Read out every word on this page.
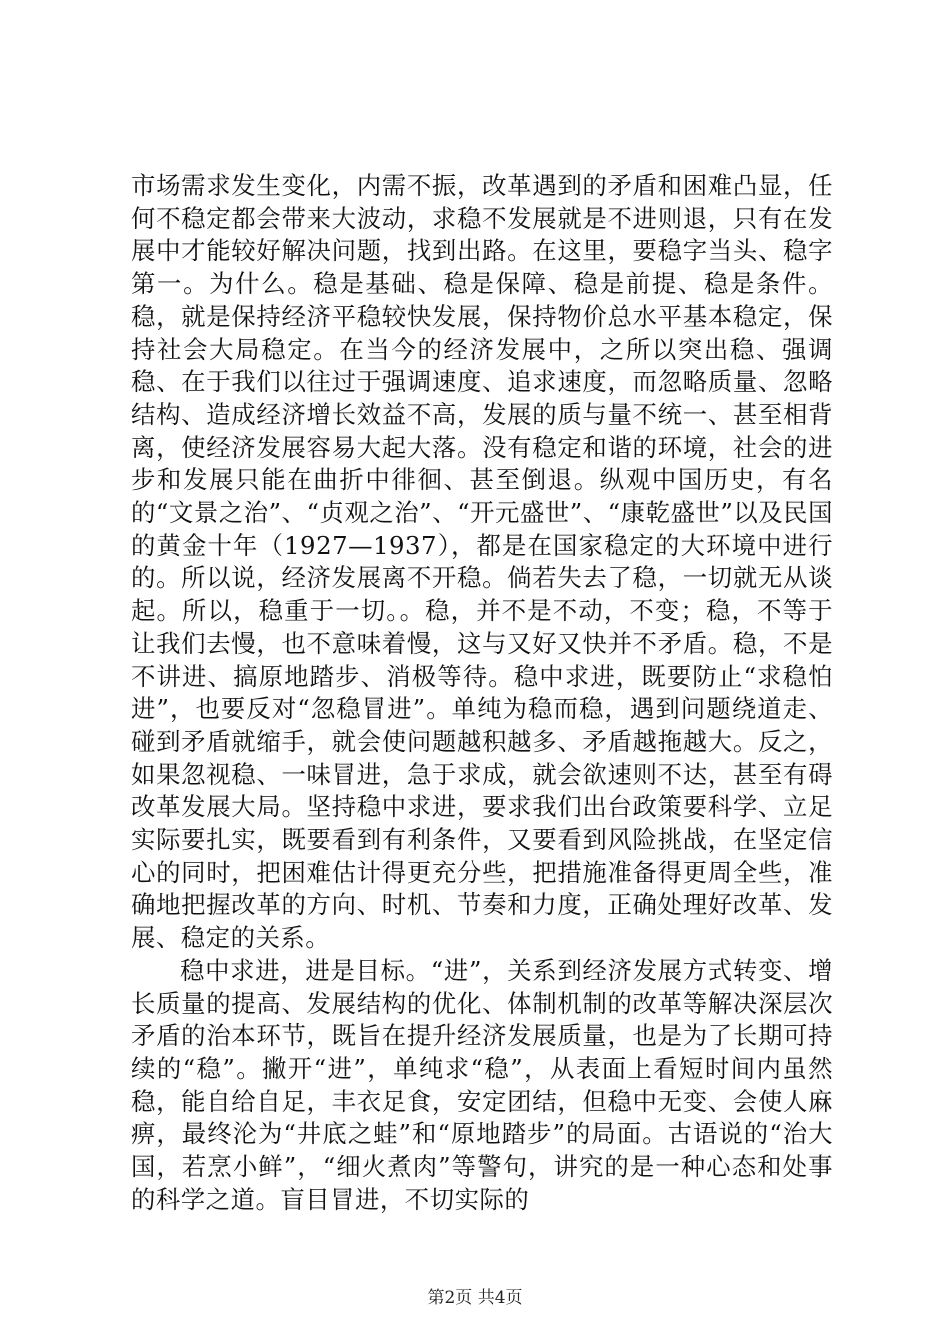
市场需求发生变化，内需不振，改革遇到的矛盾和困难凸显，任何不稳定都会带来大波动，求稳不发展就是不进则退，只有在发展中才能较好解决问题，找到出路。在这里，要稳字当头、稳字第一。为什么。稳是基础、稳是保障、稳是前提、稳是条件。稳，就是保持经济平稳较快发展，保持物价总水平基本稳定，保持社会大局稳定。在当今的经济发展中，之所以突出稳、强调稳、在于我们以往过于强调速度、追求速度，而忽略质量、忽略结构、造成经济增长效益不高，发展的质与量不统一、甚至相背离，使经济发展容易大起大落。没有稳定和谐的环境，社会的进步和发展只能在曲折中徘徊、甚至倒退。纵观中国历史，有名的“文景之治”、“贞观之治”、“开元盛世”、“康乾盛世”以及民国的黄金十年（1927—1937），都是在国家稳定的大环境中进行的。所以说，经济发展离不开稳。倘若失去了稳，一切就无从谈起。所以，稳重于一切。。稳，并不是不动，不变；稳，不等于让我们去慢，也不意味着慢，这与又好又快并不矛盾。稳，不是不讲进、搞原地踏步、消极等待。稳中求进，既要防止“求稳怕进”，也要反对“忽稳冒进”。单纯为稳而稳，遇到问题绕道走、碰到矛盾就缩手，就会使问题越积越多、矛盾越拖越大。反之，如果忽视稳、一味冒进，急于求成，就会欲速则不达，甚至有碍改革发展大局。坚持稳中求进，要求我们出台政策要科学、立足实际要扎实，既要看到有利条件，又要看到风险挑战，在坚定信心的同时，把困难估计得更充分些，把措施准备得更周全些，准确地把握改革的方向、时机、节奏和力度，正确处理好改革、发展、稳定的关系。

稳中求进，进是目标。“进”，关系到经济发展方式转变、增长质量的提高、发展结构的优化、体制机制的改革等解决深层次矛盾的治本环节，既旨在提升经济发展质量，也是为了长期可持续的“稳”。撇开“进”，单纯求“稳”，从表面上看短时间内虽然稳，能自给自足，丰衣足食，安定团结，但稳中无变、会使人麻痹，最终沦为“井底之蛙”和“原地踏步”的局面。古语说的“治大国，若烹小鲜”，“细火煮肉”等警句，讲究的是一种心态和处事的科学之道。盲目冒进，不切实际的

第2页 共4页
